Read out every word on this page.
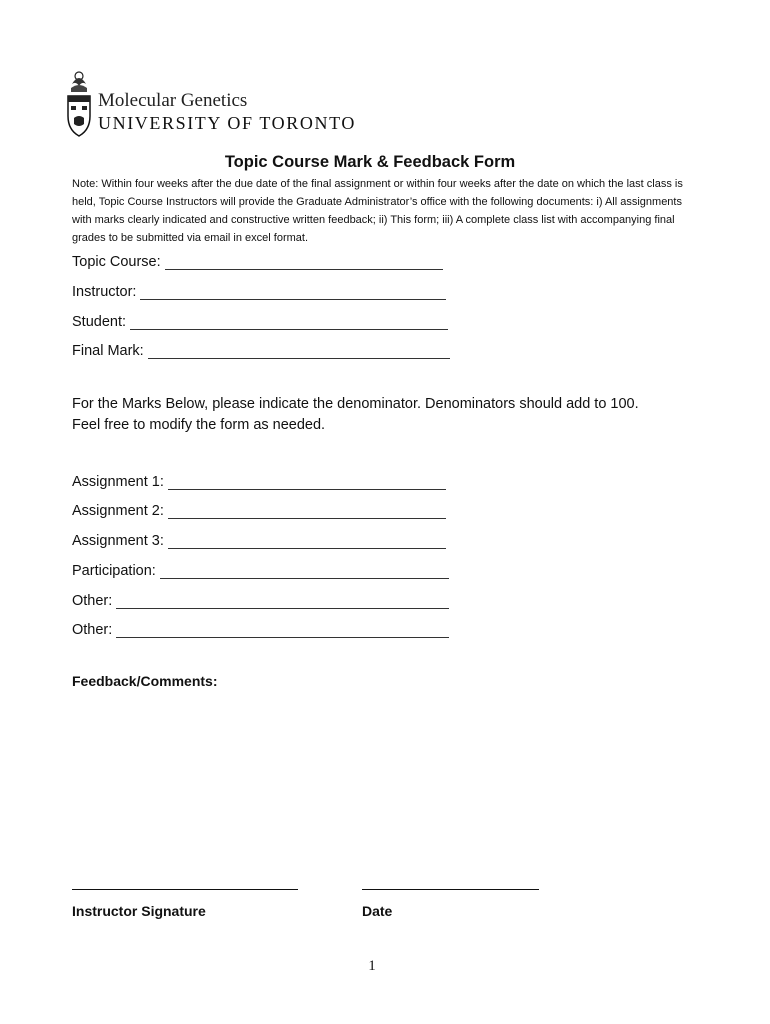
Molecular Genetics
UNIVERSITY OF TORONTO
Topic Course Mark & Feedback Form
Note: Within four weeks after the due date of the final assignment or within four weeks after the date on which the last class is held, Topic Course Instructors will provide the Graduate Administrator’s office with the following documents: i) All assignments with marks clearly indicated and constructive written feedback; ii) This form; iii) A complete class list with accompanying final grades to be submitted via email in excel format.
Topic Course:
Instructor:
Student:
Final Mark:
For the Marks Below, please indicate the denominator. Denominators should add to 100.
Feel free to modify the form as needed.
Assignment 1:
Assignment 2:
Assignment 3:
Participation:
Other:
Other:
Feedback/Comments:
Instructor Signature	Date
1
